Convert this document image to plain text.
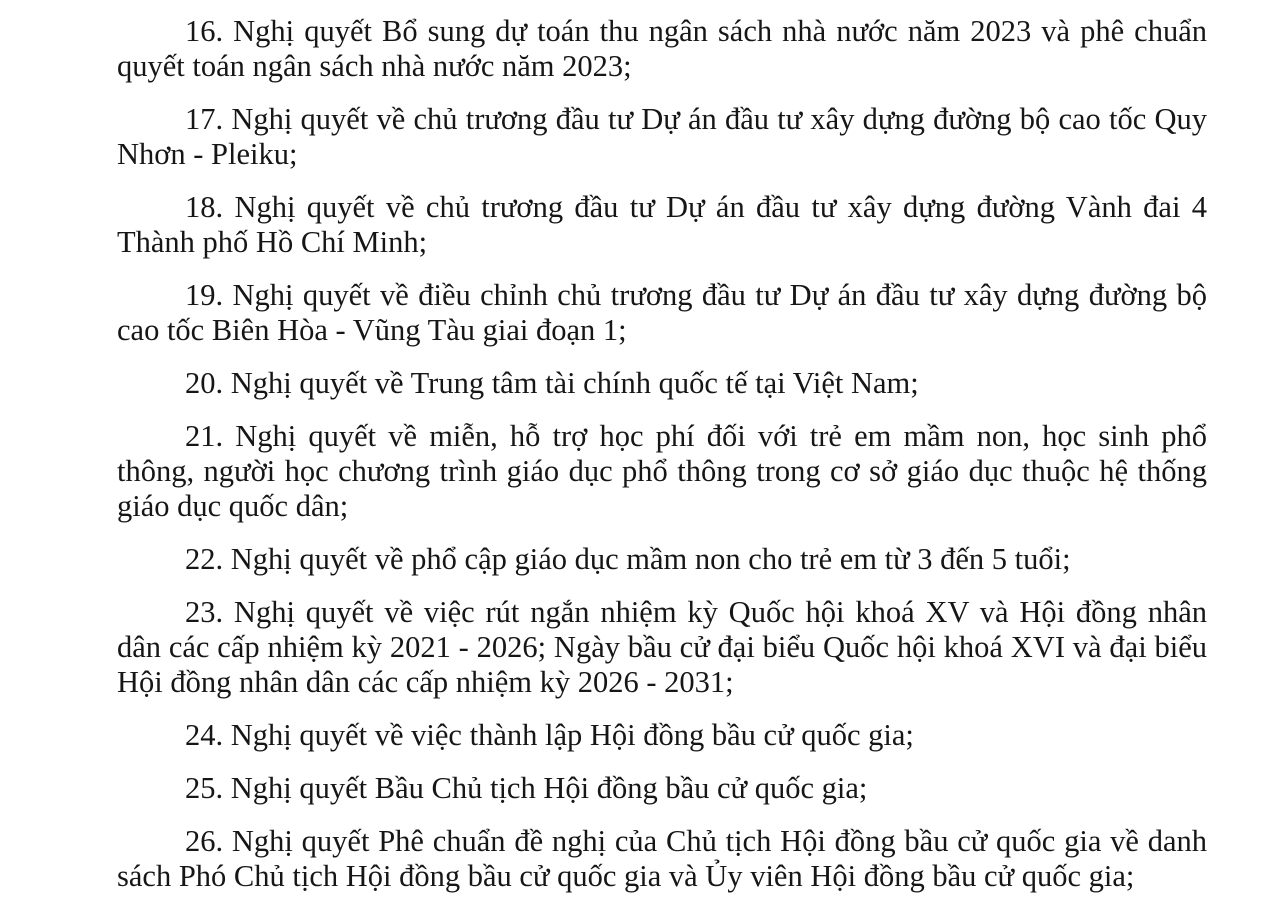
16. Nghị quyết Bổ sung dự toán thu ngân sách nhà nước năm 2023 và phê chuẩn quyết toán ngân sách nhà nước năm 2023;

17. Nghị quyết về chủ trương đầu tư Dự án đầu tư xây dựng đường bộ cao tốc Quy Nhơn - Pleiku;

18. Nghị quyết về chủ trương đầu tư Dự án đầu tư xây dựng đường Vành đai 4 Thành phố Hồ Chí Minh;

19. Nghị quyết về điều chỉnh chủ trương đầu tư Dự án đầu tư xây dựng đường bộ cao tốc Biên Hòa - Vũng Tàu giai đoạn 1;

20. Nghị quyết về Trung tâm tài chính quốc tế tại Việt Nam;

21. Nghị quyết về miễn, hỗ trợ học phí đối với trẻ em mầm non, học sinh phổ thông, người học chương trình giáo dục phổ thông trong cơ sở giáo dục thuộc hệ thống giáo dục quốc dân;

22. Nghị quyết về phổ cập giáo dục mầm non cho trẻ em từ 3 đến 5 tuổi;

23. Nghị quyết về việc rút ngắn nhiệm kỳ Quốc hội khoá XV và Hội đồng nhân dân các cấp nhiệm kỳ 2021 - 2026; Ngày bầu cử đại biểu Quốc hội khoá XVI và đại biểu Hội đồng nhân dân các cấp nhiệm kỳ 2026 - 2031;

24. Nghị quyết về việc thành lập Hội đồng bầu cử quốc gia;

25. Nghị quyết Bầu Chủ tịch Hội đồng bầu cử quốc gia;

26. Nghị quyết Phê chuẩn đề nghị của Chủ tịch Hội đồng bầu cử quốc gia về danh sách Phó Chủ tịch Hội đồng bầu cử quốc gia và Ủy viên Hội đồng bầu cử quốc gia;
